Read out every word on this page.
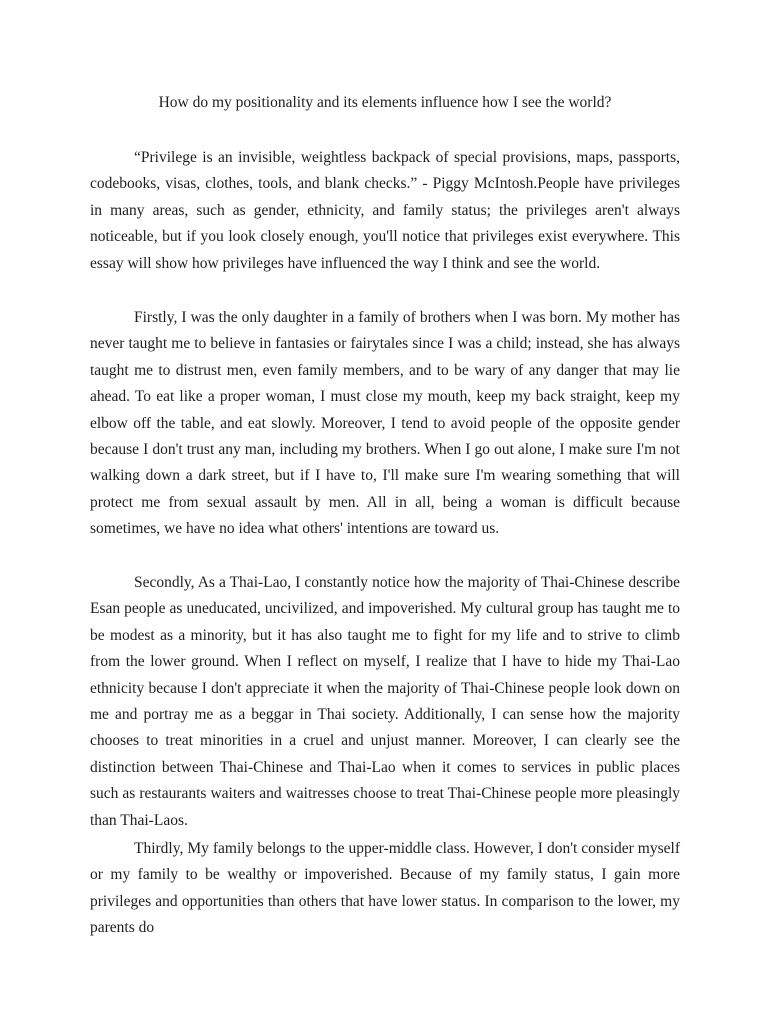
How do my positionality and its elements influence how I see the world?

“Privilege is an invisible, weightless backpack of special provisions, maps, passports, codebooks, visas, clothes, tools, and blank checks.” - Piggy McIntosh.People have privileges in many areas, such as gender, ethnicity, and family status; the privileges aren't always noticeable, but if you look closely enough, you'll notice that privileges exist everywhere. This essay will show how privileges have influenced the way I think and see the world.

Firstly, I was the only daughter in a family of brothers when I was born. My mother has never taught me to believe in fantasies or fairytales since I was a child; instead, she has always taught me to distrust men, even family members, and to be wary of any danger that may lie ahead. To eat like a proper woman, I must close my mouth, keep my back straight, keep my elbow off the table, and eat slowly. Moreover, I tend to avoid people of the opposite gender because I don't trust any man, including my brothers. When I go out alone, I make sure I'm not walking down a dark street, but if I have to, I'll make sure I'm wearing something that will protect me from sexual assault by men. All in all, being a woman is difficult because sometimes, we have no idea what others' intentions are toward us.

Secondly, As a Thai-Lao, I constantly notice how the majority of Thai-Chinese describe Esan people as uneducated, uncivilized, and impoverished. My cultural group has taught me to be modest as a minority, but it has also taught me to fight for my life and to strive to climb from the lower ground. When I reflect on myself, I realize that I have to hide my Thai-Lao ethnicity because I don't appreciate it when the majority of Thai-Chinese people look down on me and portray me as a beggar in Thai society. Additionally, I can sense how the majority chooses to treat minorities in a cruel and unjust manner. Moreover, I can clearly see the distinction between Thai-Chinese and Thai-Lao when it comes to services in public places such as restaurants waiters and waitresses choose to treat Thai-Chinese people more pleasingly than Thai-Laos.

Thirdly, My family belongs to the upper-middle class. However, I don't consider myself or my family to be wealthy or impoverished. Because of my family status, I gain more privileges and opportunities than others that have lower status. In comparison to the lower, my parents do
